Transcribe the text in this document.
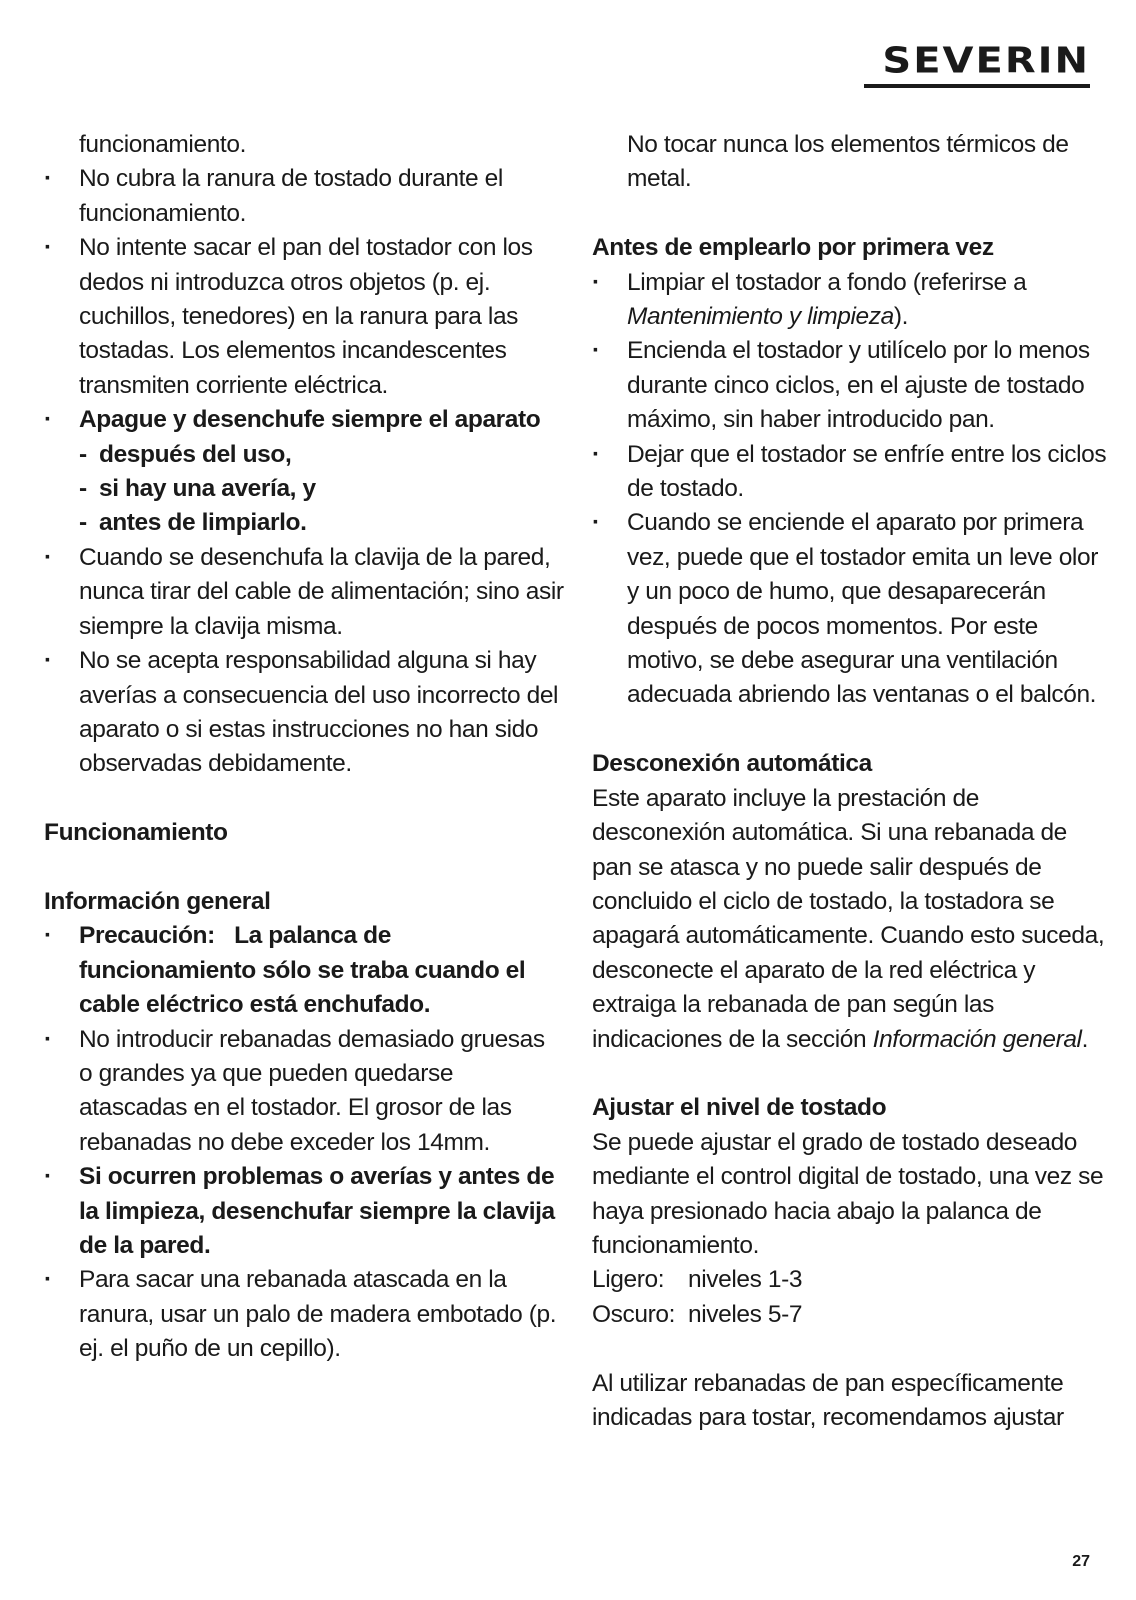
SEVERIN
funcionamiento.
· No cubra la ranura de tostado durante el funcionamiento.
· No intente sacar el pan del tostador con los dedos ni introduzca otros objetos (p. ej. cuchillos, tenedores) en la ranura para las tostadas. Los elementos incandescentes transmiten corriente eléctrica.
· Apague y desenchufe siempre el aparato
- después del uso,
- si hay una avería, y
- antes de limpiarlo.
· Cuando se desenchufa la clavija de la pared, nunca tirar del cable de alimentación; sino asir siempre la clavija misma.
· No se acepta responsabilidad alguna si hay averías a consecuencia del uso incorrecto del aparato o si estas instrucciones no han sido observadas debidamente.
Funcionamiento
Información general
· Precaución: La palanca de funcionamiento sólo se traba cuando el cable eléctrico está enchufado.
· No introducir rebanadas demasiado gruesas o grandes ya que pueden quedarse atascadas en el tostador. El grosor de las rebanadas no debe exceder los 14mm.
· Si ocurren problemas o averías y antes de la limpieza, desenchufar siempre la clavija de la pared.
· Para sacar una rebanada atascada en la ranura, usar un palo de madera embotado (p. ej. el puño de un cepillo).
No tocar nunca los elementos térmicos de metal.
Antes de emplearlo por primera vez
· Limpiar el tostador a fondo (referirse a Mantenimiento y limpieza).
· Encienda el tostador y utilícelo por lo menos durante cinco ciclos, en el ajuste de tostado máximo, sin haber introducido pan.
· Dejar que el tostador se enfríe entre los ciclos de tostado.
· Cuando se enciende el aparato por primera vez, puede que el tostador emita un leve olor y un poco de humo, que desaparecerán después de pocos momentos. Por este motivo, se debe asegurar una ventilación adecuada abriendo las ventanas o el balcón.
Desconexión automática
Este aparato incluye la prestación de desconexión automática. Si una rebanada de pan se atasca y no puede salir después de concluido el ciclo de tostado, la tostadora se apagará automáticamente. Cuando esto suceda, desconecte el aparato de la red eléctrica y extraiga la rebanada de pan según las indicaciones de la sección Información general.
Ajustar el nivel de tostado
Se puede ajustar el grado de tostado deseado mediante el control digital de tostado, una vez se haya presionado hacia abajo la palanca de funcionamiento.
Ligero: niveles 1-3
Oscuro: niveles 5-7
Al utilizar rebanadas de pan específicamente indicadas para tostar, recomendamos ajustar
27
